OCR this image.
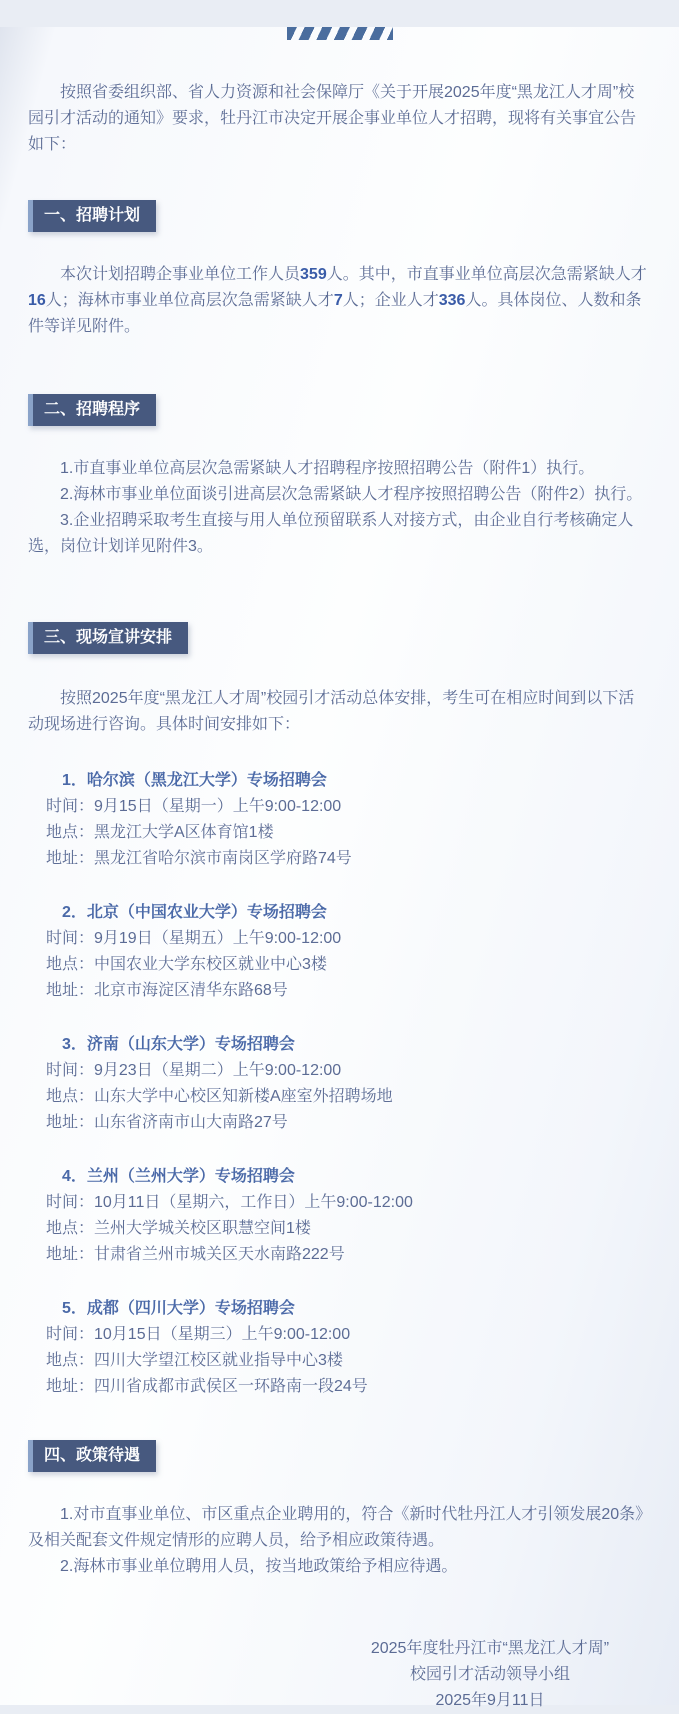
按照省委组织部、省人力资源和社会保障厅《关于开展2025年度“黑龙江人才周”校园引才活动的通知》要求，牡丹江市决定开展企事业单位人才招聘，现将有关事宜公告如下：

一、招聘计划

本次计划招聘企事业单位工作人员359人。其中，市直事业单位高层次急需紧缺人才16人；海林市事业单位高层次急需紧缺人才7人；企业人才336人。具体岗位、人数和条件等详见附件。

二、招聘程序

1.市直事业单位高层次急需紧缺人才招聘程序按照招聘公告（附件1）执行。

2.海林市事业单位面谈引进高层次急需紧缺人才程序按照招聘公告（附件2）执行。

3.企业招聘采取考生直接与用人单位预留联系人对接方式，由企业自行考核确定人选，岗位计划详见附件3。

三、现场宣讲安排

按照2025年度“黑龙江人才周”校园引才活动总体安排，考生可在相应时间到以下活动现场进行咨询。具体时间安排如下：

1．哈尔滨（黑龙江大学）专场招聘会

时间：9月15日（星期一）上午9:00-12:00

地点：黑龙江大学A区体育馆1楼

地址：黑龙江省哈尔滨市南岗区学府路74号

2．北京（中国农业大学）专场招聘会

时间：9月19日（星期五）上午9:00-12:00

地点：中国农业大学东校区就业中心3楼

地址：北京市海淀区清华东路68号

3．济南（山东大学）专场招聘会

时间：9月23日（星期二）上午9:00-12:00

地点：山东大学中心校区知新楼A座室外招聘场地

地址：山东省济南市山大南路27号

4．兰州（兰州大学）专场招聘会

时间：10月11日（星期六，工作日）上午9:00-12:00

地点：兰州大学城关校区职慧空间1楼

地址：甘肃省兰州市城关区天水南路222号

5．成都（四川大学）专场招聘会

时间：10月15日（星期三）上午9:00-12:00

地点：四川大学望江校区就业指导中心3楼

地址：四川省成都市武侯区一环路南一段24号

四、政策待遇

1.对市直事业单位、市区重点企业聘用的，符合《新时代牡丹江人才引领发展20条》及相关配套文件规定情形的应聘人员，给予相应政策待遇。

2.海林市事业单位聘用人员，按当地政策给予相应待遇。

2025年度牡丹江市“黑龙江人才周”

校园引才活动领导小组

2025年9月11日
